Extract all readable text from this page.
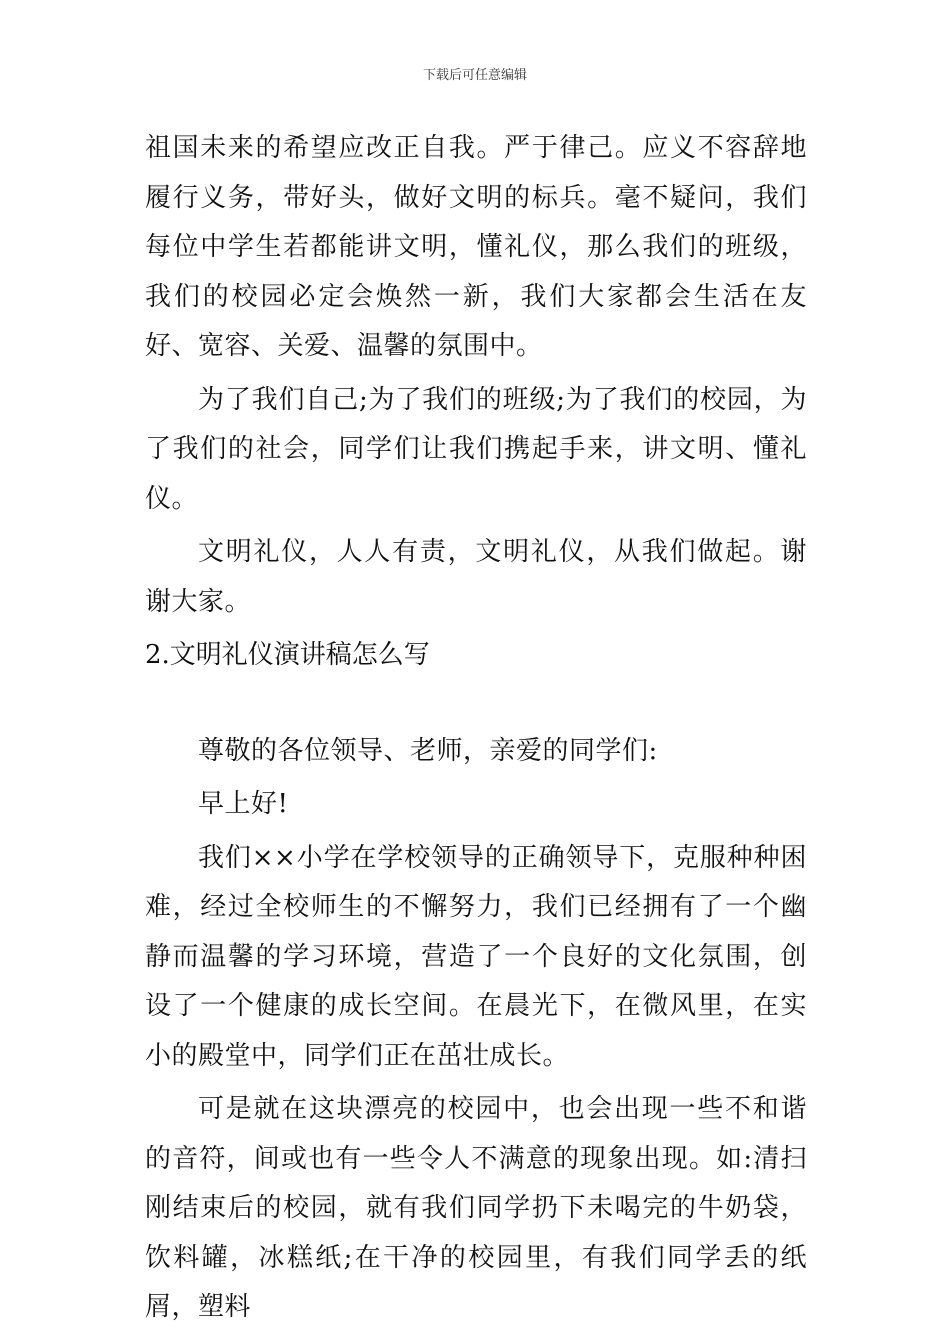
下载后可任意编辑

祖国未来的希望应改正自我。严于律己。应义不容辞地履行义务，带好头，做好文明的标兵。毫不疑问，我们每位中学生若都能讲文明，懂礼仪，那么我们的班级，我们的校园必定会焕然一新，我们大家都会生活在友好、宽容、关爱、温馨的氛围中。

为了我们自己;为了我们的班级;为了我们的校园，为了我们的社会，同学们让我们携起手来，讲文明、懂礼仪。

文明礼仪，人人有责，文明礼仪，从我们做起。谢谢大家。

2.文明礼仪演讲稿怎么写

尊敬的各位领导、老师，亲爱的同学们:

早上好!

我们××小学在学校领导的正确领导下，克服种种困难，经过全校师生的不懈努力，我们已经拥有了一个幽静而温馨的学习环境，营造了一个良好的文化氛围，创设了一个健康的成长空间。在晨光下，在微风里，在实小的殿堂中，同学们正在茁壮成长。

可是就在这块漂亮的校园中，也会出现一些不和谐的音符，间或也有一些令人不满意的现象出现。如:清扫刚结束后的校园，就有我们同学扔下未喝完的牛奶袋，饮料罐，冰糕纸;在干净的校园里，有我们同学丢的纸屑，塑料
